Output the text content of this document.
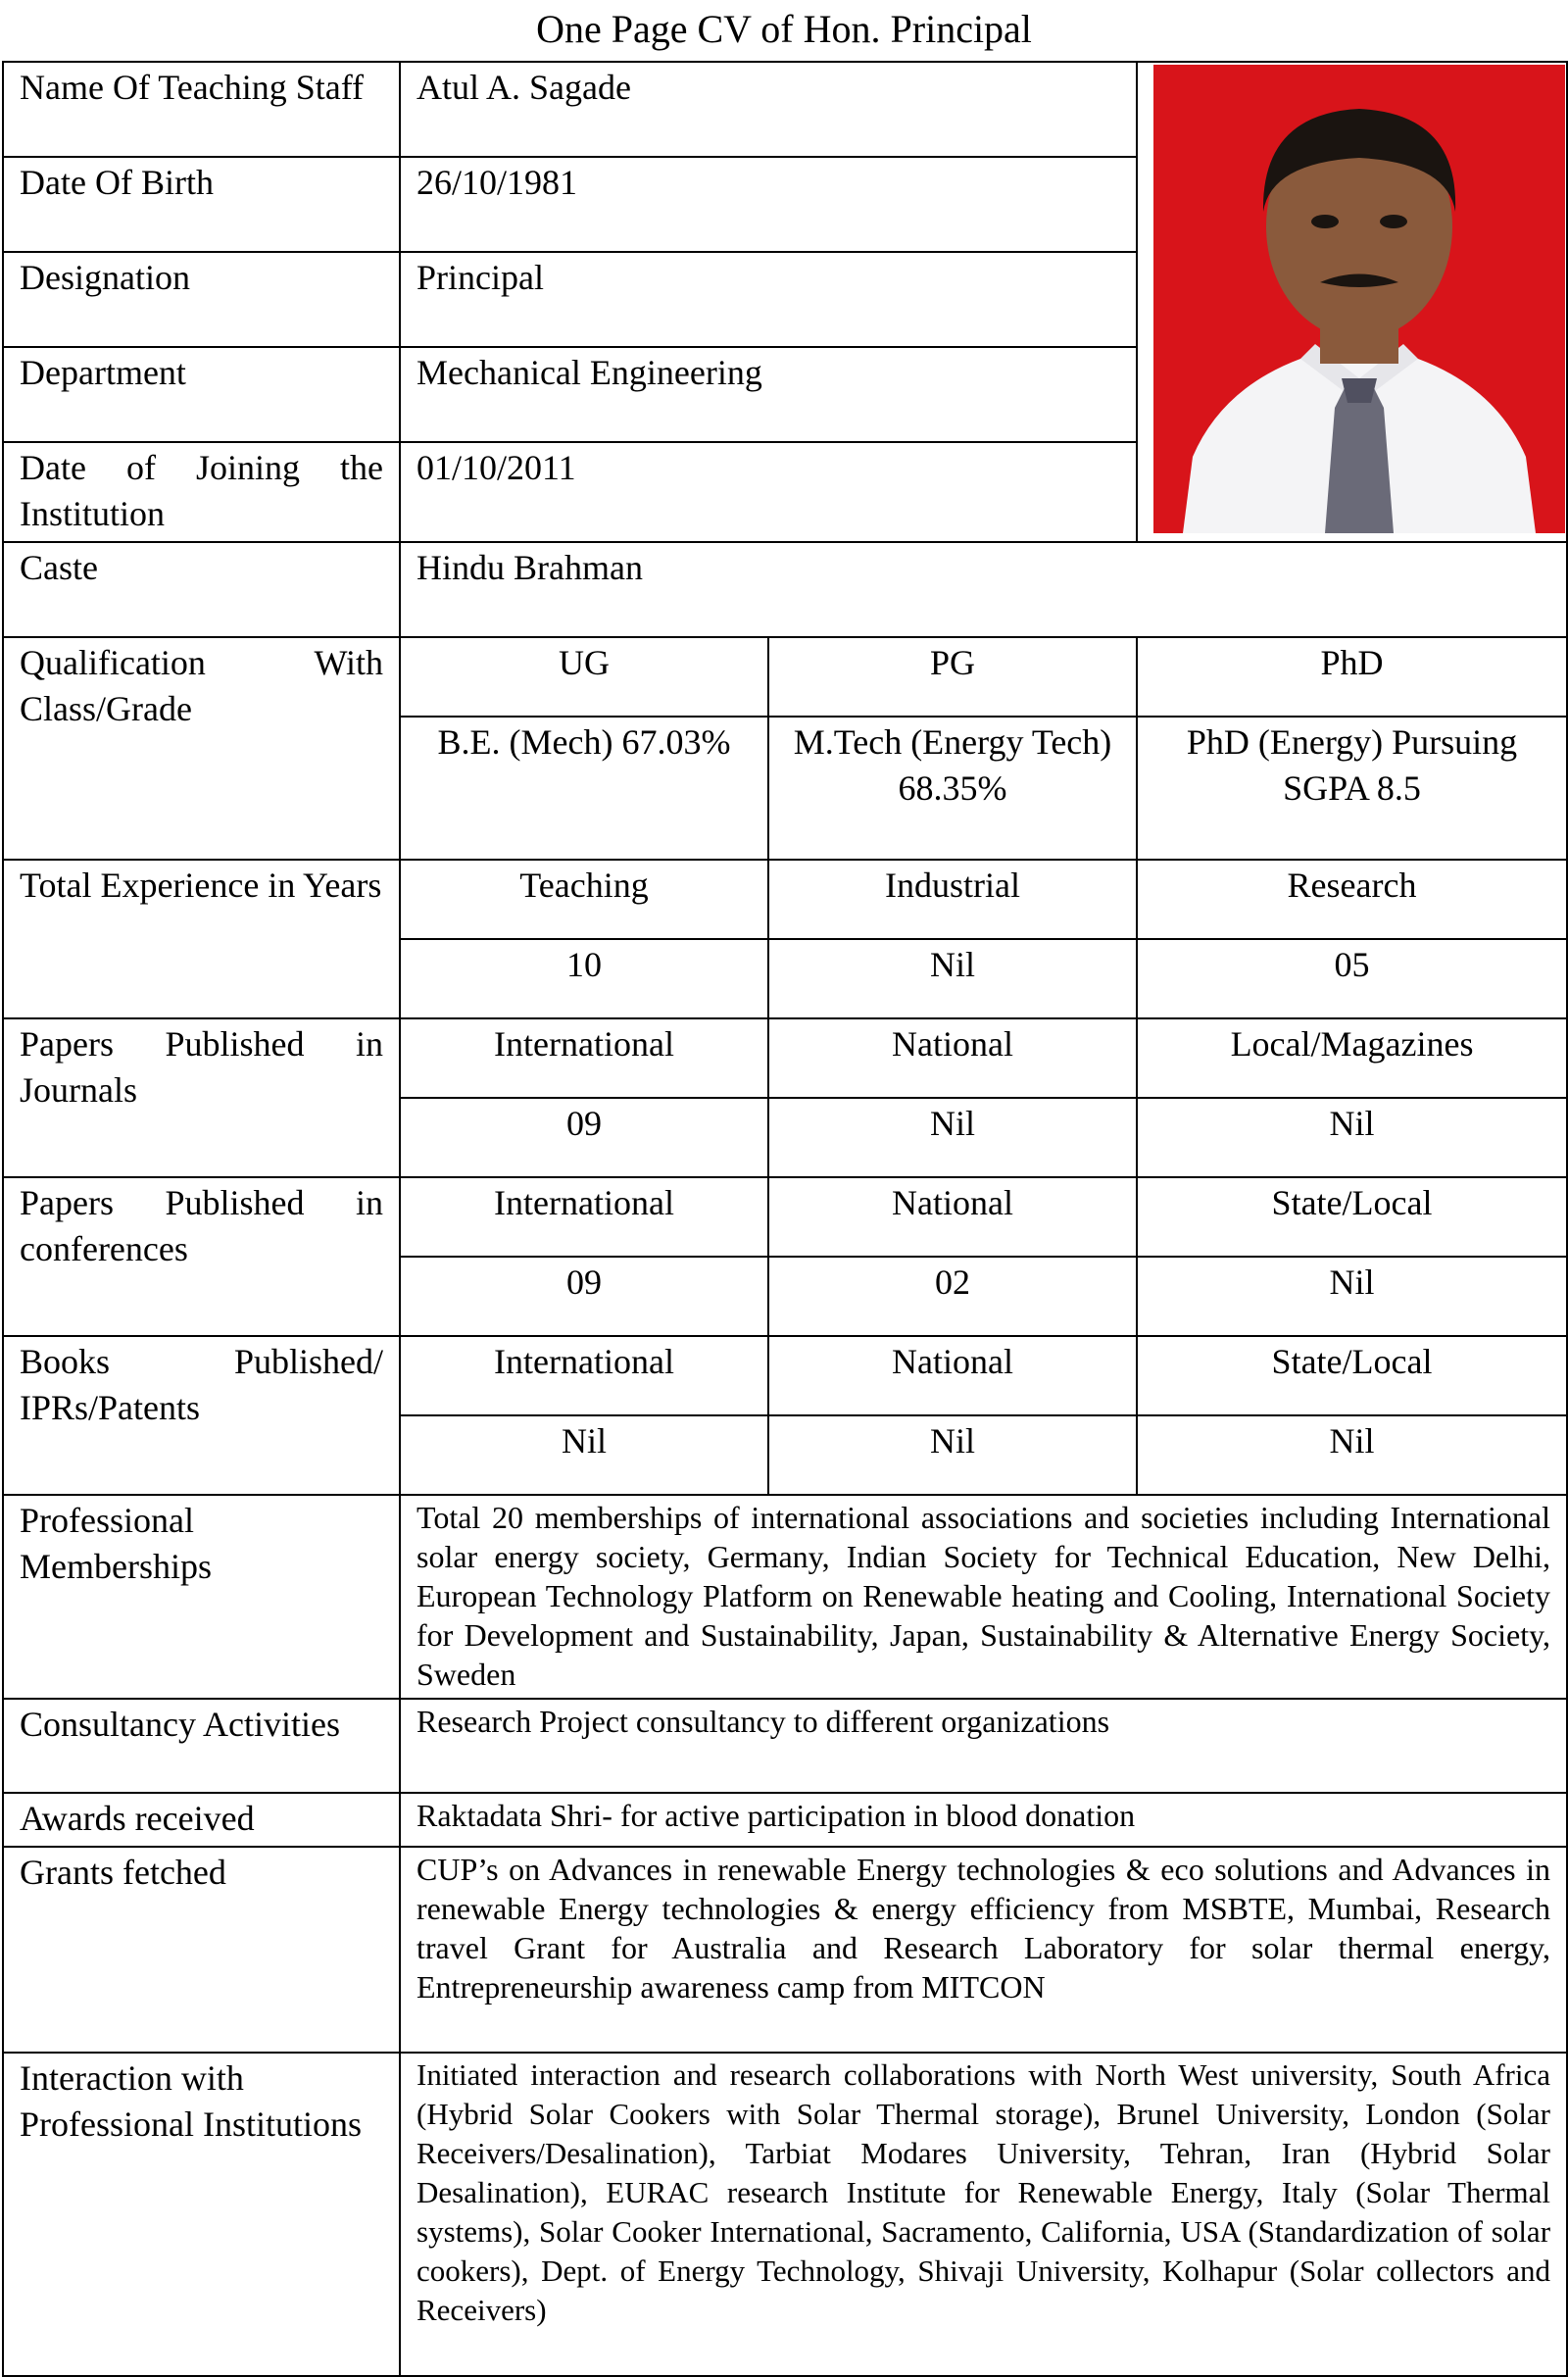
One Page CV of Hon. Principal
Name Of Teaching Staff	Atul A. Sagade	

Date Of Birth	26/10/1981		
Designation	Principal		
Department	Mechanical Engineering		
Date of Joining the Institution	01/10/2011		
Caste	Hindu Brahman		
Qualification With Class/Grade	UG	PG	PhD
	B.E. (Mech) 67.03%	M.Tech (Energy Tech) 68.35%	PhD (Energy) Pursuing SGPA 8.5
Total Experience in Years	Teaching	Industrial	Research
	10	Nil	05
Papers Published in Journals	International	National	Local/Magazines
	09	Nil	Nil
Papers Published in conferences	International	National	State/Local
	09	02	Nil
Books Published/ IPRs/Patents	International	National	State/Local
	Nil	Nil	Nil
Professional Memberships	Total 20 memberships of international associations and societies including International solar energy society, Germany, Indian Society for Technical Education, New Delhi, European Technology Platform on Renewable heating and Cooling, International Society for Development and Sustainability, Japan, Sustainability & Alternative Energy Society, Sweden		
Consultancy Activities	Research Project consultancy to different organizations		
Awards received	Raktadata Shri- for active participation in blood donation		
Grants fetched	CUP’s on Advances in renewable Energy technologies & eco solutions and Advances in renewable Energy technologies & energy efficiency from MSBTE, Mumbai, Research travel Grant for Australia and Research Laboratory for solar thermal energy, Entrepreneurship awareness camp from MITCON		
Interaction with Professional Institutions	Initiated interaction and research collaborations with North West university, South Africa (Hybrid Solar Cookers with Solar Thermal storage), Brunel University, London (Solar Receivers/Desalination), Tarbiat Modares University, Tehran, Iran (Hybrid Solar Desalination), EURAC research Institute for Renewable Energy, Italy (Solar Thermal systems), Solar Cooker International, Sacramento, California, USA (Standardization of solar cookers), Dept. of Energy Technology, Shivaji University, Kolhapur (Solar collectors and Receivers)		
